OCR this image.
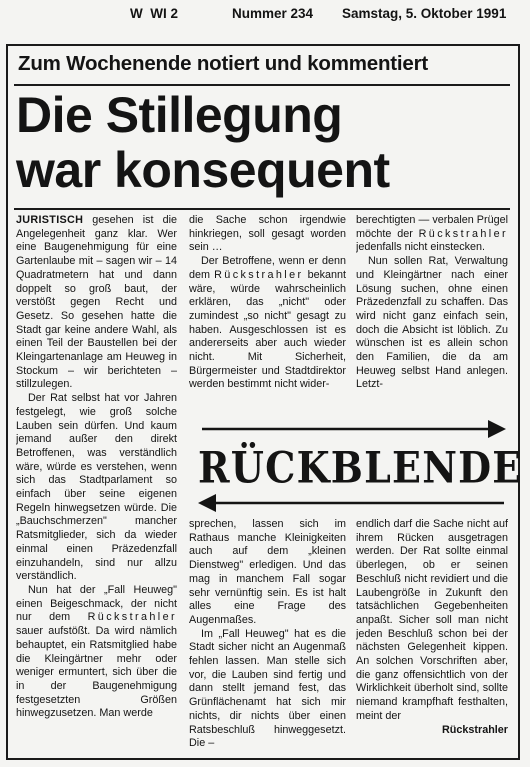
W  WI 2	Nummer 234 Samstag, 5. Oktober 1991
Zum Wochenende notiert und kommentiert
Die Stillegung
war konsequent

JURISTISCH gesehen ist die Angelegenheit ganz klar. Wer eine Baugenehmigung für eine Gartenlaube mit – sagen wir – 14 Quadratmetern hat und dann doppelt so groß baut, der verstößt gegen Recht und Gesetz. So gesehen hatte die Stadt gar keine andere Wahl, als einen Teil der Baustellen bei der Kleingartenanlage am Heuweg in Stockum – wir berichteten – stillzulegen.

Der Rat selbst hat vor Jahren festgelegt, wie groß solche Lauben sein dürfen. Und kaum jemand außer den direkt Betroffenen, was verständlich wäre, würde es verstehen, wenn sich das Stadtparlament so einfach über seine eigenen Regeln hinwegsetzen würde. Die „Bauchschmerzen" mancher Ratsmitglieder, sich da wieder einmal einen Präzedenzfall einzuhandeln, sind nur allzu verständlich.

Nun hat der „Fall Heuweg" einen Beigeschmack, der nicht nur dem Rückstrahler sauer aufstößt. Da wird nämlich behauptet, ein Ratsmitglied habe die Kleingärtner mehr oder weniger ermuntert, sich über die in der Baugenehmigung festgesetzten Größen hinwegzusetzen. Man werde

die Sache schon irgendwie hinkriegen, soll gesagt worden sein …

Der Betroffene, wenn er denn dem Rückstrahler bekannt wäre, würde wahrscheinlich erklären, das „nicht" oder zumindest „so nicht" gesagt zu haben. Ausgeschlossen ist es andererseits aber auch wieder nicht. Mit Sicherheit, Bürgermeister und Stadtdirektor werden bestimmt nicht wider-

berechtigten — verbalen Prügel möchte der Rückstrahler jedenfalls nicht einstecken.

Nun sollen Rat, Verwaltung und Kleingärtner nach einer Lösung suchen, ohne einen Präzedenzfall zu schaffen. Das wird nicht ganz einfach sein, doch die Absicht ist löblich. Zu wünschen ist es allein schon den Familien, die da am Heuweg selbst Hand anlegen. Letzt-

RÜCKBLENDE

sprechen, lassen sich im Rathaus manche Kleinigkeiten auch auf dem „kleinen Dienstweg" erledigen. Und das mag in manchem Fall sogar sehr vernünftig sein. Es ist halt alles eine Frage des Augenmaßes.

Im „Fall Heuweg" hat es die Stadt sicher nicht an Augenmaß fehlen lassen. Man stelle sich vor, die Lauben sind fertig und dann stellt jemand fest, das Grünflächenamt hat sich mir nichts, dir nichts über einen Ratsbeschluß hinweggesetzt. Die –

endlich darf die Sache nicht auf ihrem Rücken ausgetragen werden. Der Rat sollte einmal überlegen, ob er seinen Beschluß nicht revidiert und die Laubengröße in Zukunft den tatsächlichen Gegebenheiten anpaßt. Sicher soll man nicht jeden Beschluß schon bei der nächsten Gelegenheit kippen. An solchen Vorschriften aber, die ganz offensichtlich von der Wirklichkeit überholt sind, sollte niemand krampfhaft festhalten, meint der

Rückstrahler
